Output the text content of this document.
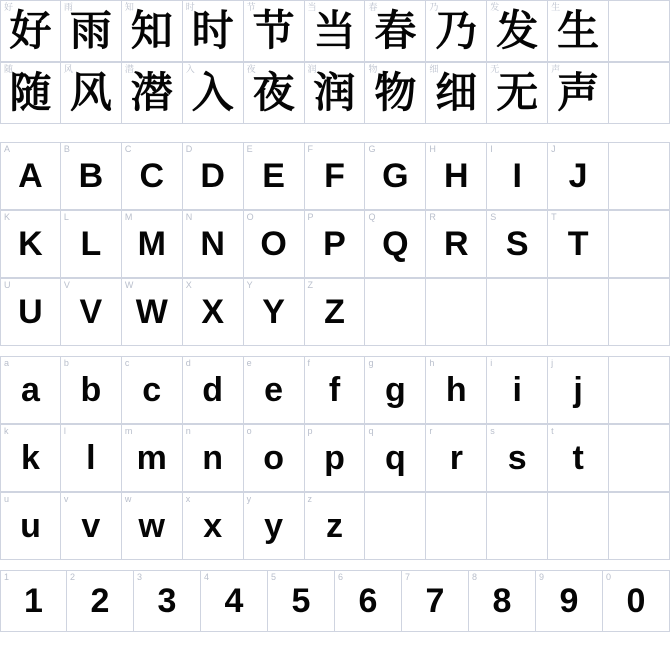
好
好 雨
雨 知
知 时
时 节
节 当
当 春
春 乃
乃 发
发 生
生
随
随 风
风 潜
潜 入
入 夜
夜 润
润 物
物 细
细 无
无 声
声
A
A
B
B
C
C
D
D
E
E
F
F
G
G
H
H
I
I
J
J
K
K
L
L
M
M
N
N
O
O
P
P
Q
Q
R
R
S
S
T
T
U
U
V
V
W
W
X
X
Y
Y
Z
Z
a
a
b
b
c
c
d
d
e
e
f
f
g
g
h
h
i
i
j
j
k
k
l
l
m
m
n
n
o
o
p
p
q
q
r
r
s
s
t
t
u
u
v
v
w
w
x
x
y
y
z
z
1
1
2
2
3
3
4
4
5
5
6
6
7
7
8
8
9
9
0
0
